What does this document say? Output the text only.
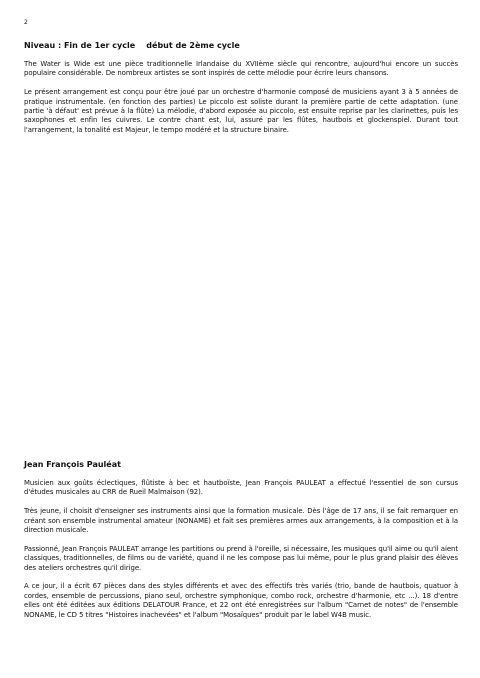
2
Niveau : Fin de 1er cycle    début de 2ème cycle

The Water is Wide est une pièce traditionnelle Irlandaise du XVIIème siècle qui rencontre, aujourd'hui encore un succès populaire considérable. De nombreux artistes se sont inspirés de cette mélodie pour écrire leurs chansons.

Le présent arrangement est conçu pour être joué par un orchestre d'harmonie composé de musiciens ayant 3 à 5 années de pratique instrumentale. (en fonction des parties) Le piccolo est soliste durant la première partie de cette adaptation. (une partie 'à défaut' est prévue à la flûte) La mélodie, d'abord exposée au piccolo, est ensuite reprise par les clarinettes, puis les saxophones et enfin les cuivres. Le contre chant est, lui, assuré par les flûtes, hautbois et glockenspiel. Durant tout l'arrangement, la tonalité est Majeur, le tempo modéré et la structure binaire.

Jean François Pauléat

Musicien aux goûts éclectiques, flûtiste à bec et hautboïste, Jean François PAULEAT a effectué l'essentiel de son cursus d'études musicales au CRR de Rueil Malmaison (92).

Très jeune, il choisit d'enseigner ses instruments ainsi que la formation musicale. Dès l'âge de 17 ans, il se fait remarquer en créant son ensemble instrumental amateur (NONAME) et fait ses premières armes aux arrangements, à la composition et à la direction musicale.

Passionné, Jean François PAULEAT arrange les partitions ou prend à l'oreille, si nécessaire, les musiques qu'il aime ou qu'il aient classiques, traditionnelles, de films ou de variété, quand il ne les compose pas lui même, pour le plus grand plaisir des élèves des ateliers orchestres qu'il dirige.

A ce jour, il a écrit 67 pièces dans des styles différents et avec des effectifs très variés (trio, bande de hautbois, quatuor à cordes, ensemble de percussions, piano seul, orchestre symphonique, combo rock, orchestre d'harmonie, etc ...). 18 d'entre elles ont été éditées aux éditions DELATOUR France, et 22 ont été enregistrées sur l'album "Carnet de notes" de l'ensemble NONAME, le CD 5 titres "Histoires inachevées" et l'album "Mosaïques" produit par le label W4B music.
